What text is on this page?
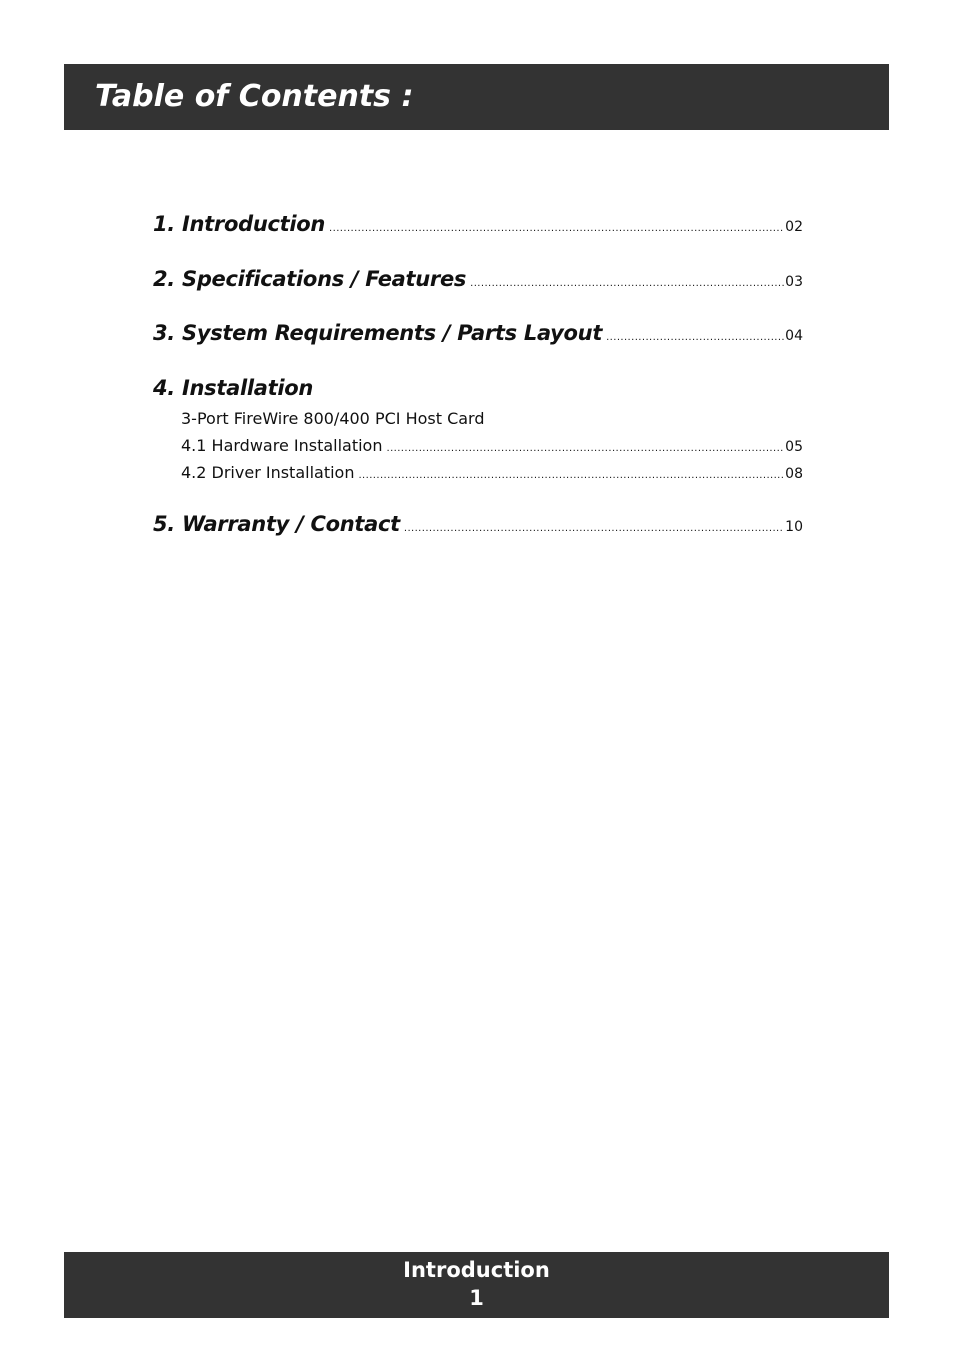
Table of Contents :
1. Introduction .....	02
2. Specifications / Features .....	03
3. System Requirements / Parts Layout .....	04
4. Installation
3-Port FireWire 800/400 PCI Host Card
4.1 Hardware Installation .....	05
4.2 Driver Installation .....	08
5. Warranty / Contact .....	10
Introduction
1
